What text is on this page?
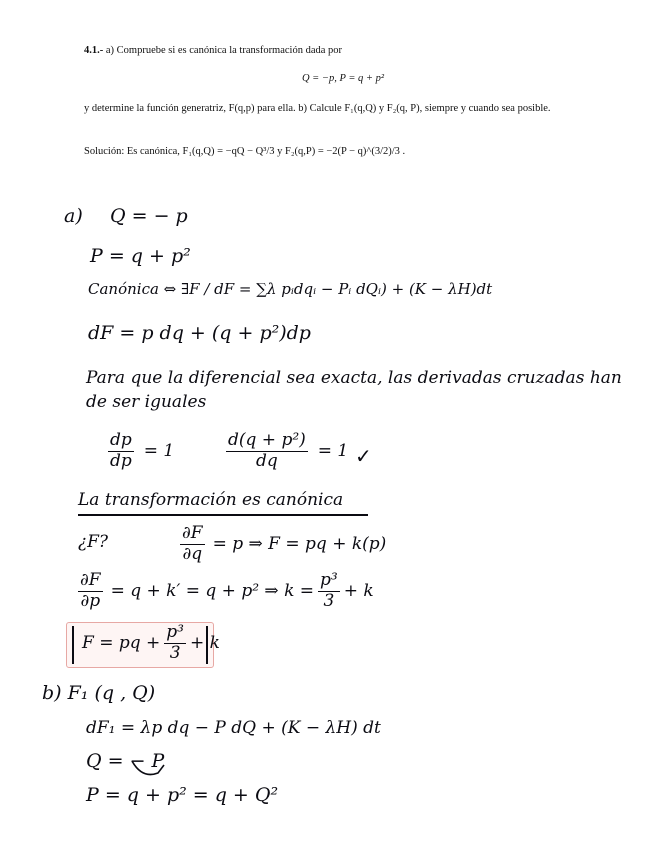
4.1.- a) Compruebe si es canónica la transformación dada por
Q = −p, P = q + p²
y determine la función generatriz, F(q,p) para ella. b) Calcule F₁(q,Q) y F₂(q, P), siempre y cuando sea posible.
Solución: Es canónica, F₁(q,Q) = −qQ − Q³/3 y F₂(q,P) = −2(P − q)^(3/2)/3 .
a) Q = − p
P = q + p²
Canónica ⇔ ∃F / dF = ∑λ pᵢdqᵢ − Pᵢ dQᵢ) + (K − λH)dt
dF = p dq + (q + p²)dp
Para que la diferencial sea exacta, las derivadas cruzadas han
de ser iguales
$\frac{dp}{dp} = 1$	$\frac{\text{d(q + p²)}}{dq} = 1$ ✓
La transformación es canónica
¿F?	$\frac{\partial F}{\partial q} = p$ ⇒ F = pq + k(p)
$\frac{\partial F}{\partial p} = q + k' = q + p^2$ ⇒ $k = \frac{\text{p³}}{3} + k$
F = pq + $\frac{\text{p³}}{3} + k$
b) F₁ (q , Q)
dF₁ = λp dq − P dQ + (K − λH) dt
Q = − P
P = q + p² = q + Q²
